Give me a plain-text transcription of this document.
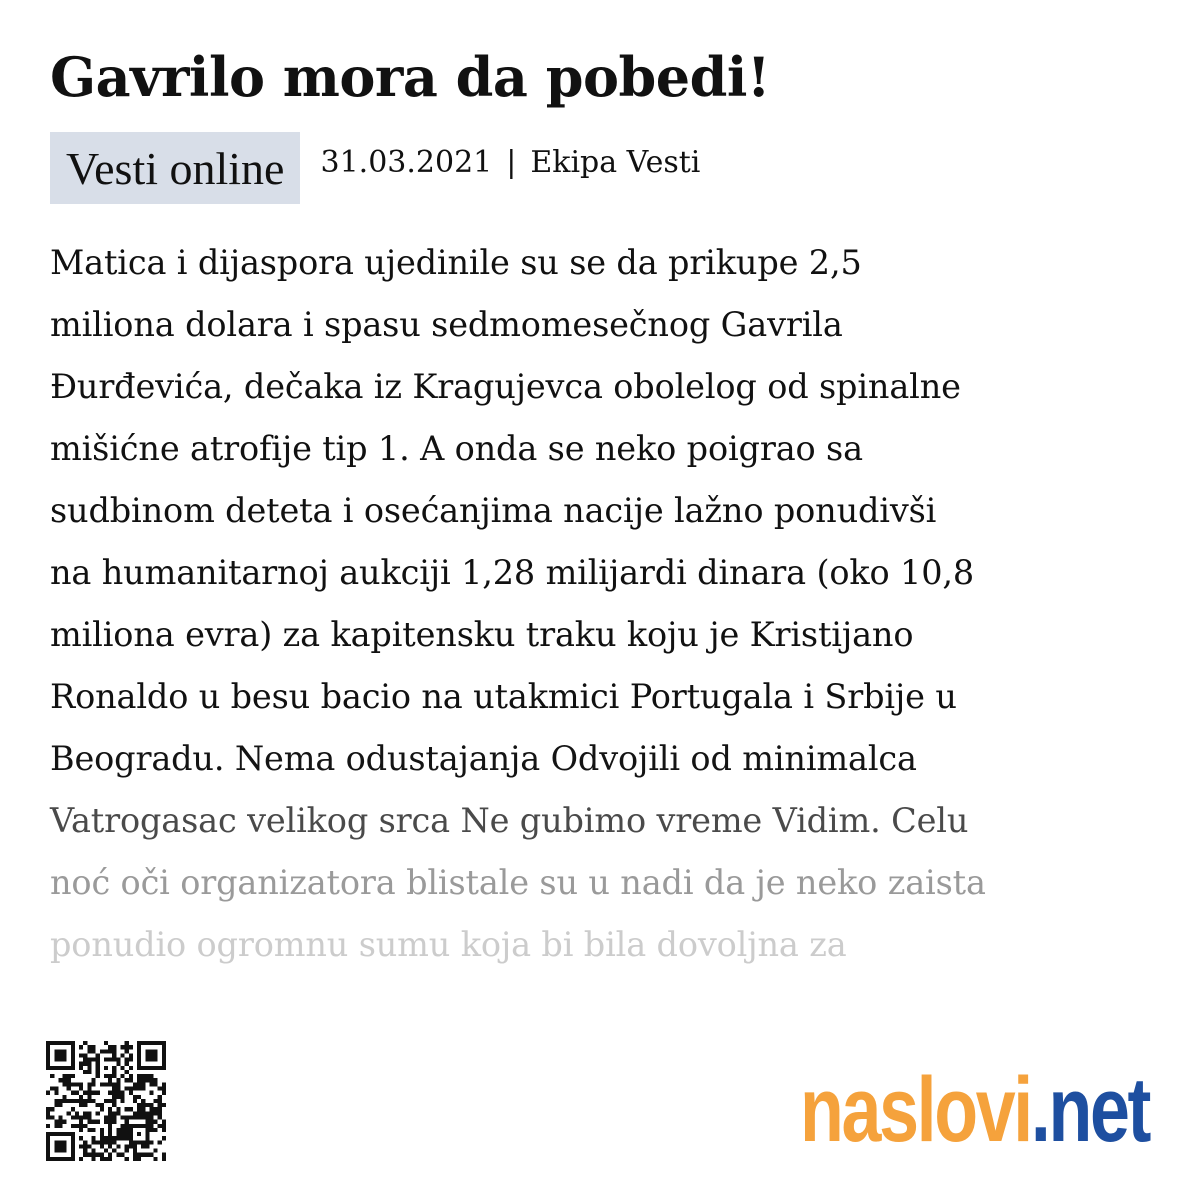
Gavrilo mora da pobedi!
Vesti online	31.03.2021 | Ekipa Vesti
Matica i dijaspora ujedinile su se da prikupe 2,5
miliona dolara i spasu sedmomesečnog Gavrila
Đurđevića, dečaka iz Kragujevca obolelog od spinalne
mišićne atrofije tip 1. A onda se neko poigrao sa
sudbinom deteta i osećanjima nacije lažno ponudivši
na humanitarnoj aukciji 1,28 milijardi dinara (oko 10,8
miliona evra) za kapitensku traku koju je Kristijano
Ronaldo u besu bacio na utakmici Portugala i Srbije u
Beogradu. Nema odustajanja Odvojili od minimalca
Vatrogasac velikog srca Ne gubimo vreme Vidim. Celu
noć oči organizatora blistale su u nadi da je neko zaista
ponudio ogromnu sumu koja bi bila dovoljna za
naslovi.net
